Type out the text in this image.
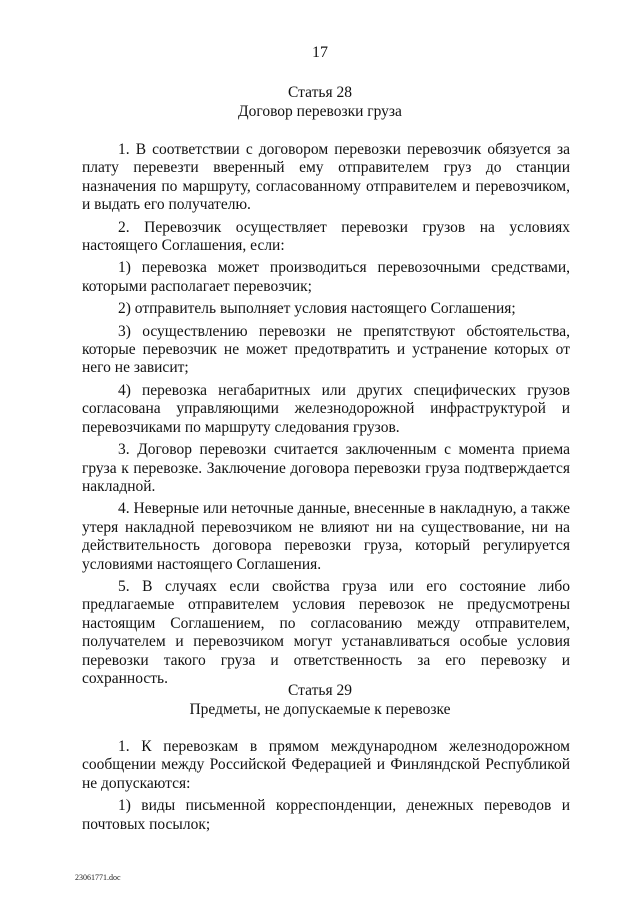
17
Статья 28
Договор перевозки груза

1. В соответствии с договором перевозки перевозчик обязуется за плату перевезти вверенный ему отправителем груз до станции назначения по маршруту, согласованному отправителем и перевозчиком, и выдать его получателю.

2. Перевозчик осуществляет перевозки грузов на условиях настоящего Соглашения, если:

1) перевозка может производиться перевозочными средствами, которыми располагает перевозчик;

2) отправитель выполняет условия настоящего Соглашения;

3) осуществлению перевозки не препятствуют обстоятельства, которые перевозчик не может предотвратить и устранение которых от него не зависит;

4) перевозка негабаритных или других специфических грузов согласована управляющими железнодорожной инфраструктурой и перевозчиками по маршруту следования грузов.

3. Договор перевозки считается заключенным с момента приема груза к перевозке. Заключение договора перевозки груза подтверждается накладной.

4. Неверные или неточные данные, внесенные в накладную, а также утеря накладной перевозчиком не влияют ни на существование, ни на действительность договора перевозки груза, который регулируется условиями настоящего Соглашения.

5. В случаях если свойства груза или его состояние либо предлагаемые отправителем условия перевозок не предусмотрены настоящим Соглашением, по согласованию между отправителем, получателем и перевозчиком могут устанавливаться особые условия перевозки такого груза и ответственность за его перевозку и сохранность.

Статья 29
Предметы, не допускаемые к перевозке

1. К перевозкам в прямом международном железнодорожном сообщении между Российской Федерацией и Финляндской Республикой не допускаются:

1) виды письменной корреспонденции, денежных переводов и почтовых посылок;

23061771.doc
